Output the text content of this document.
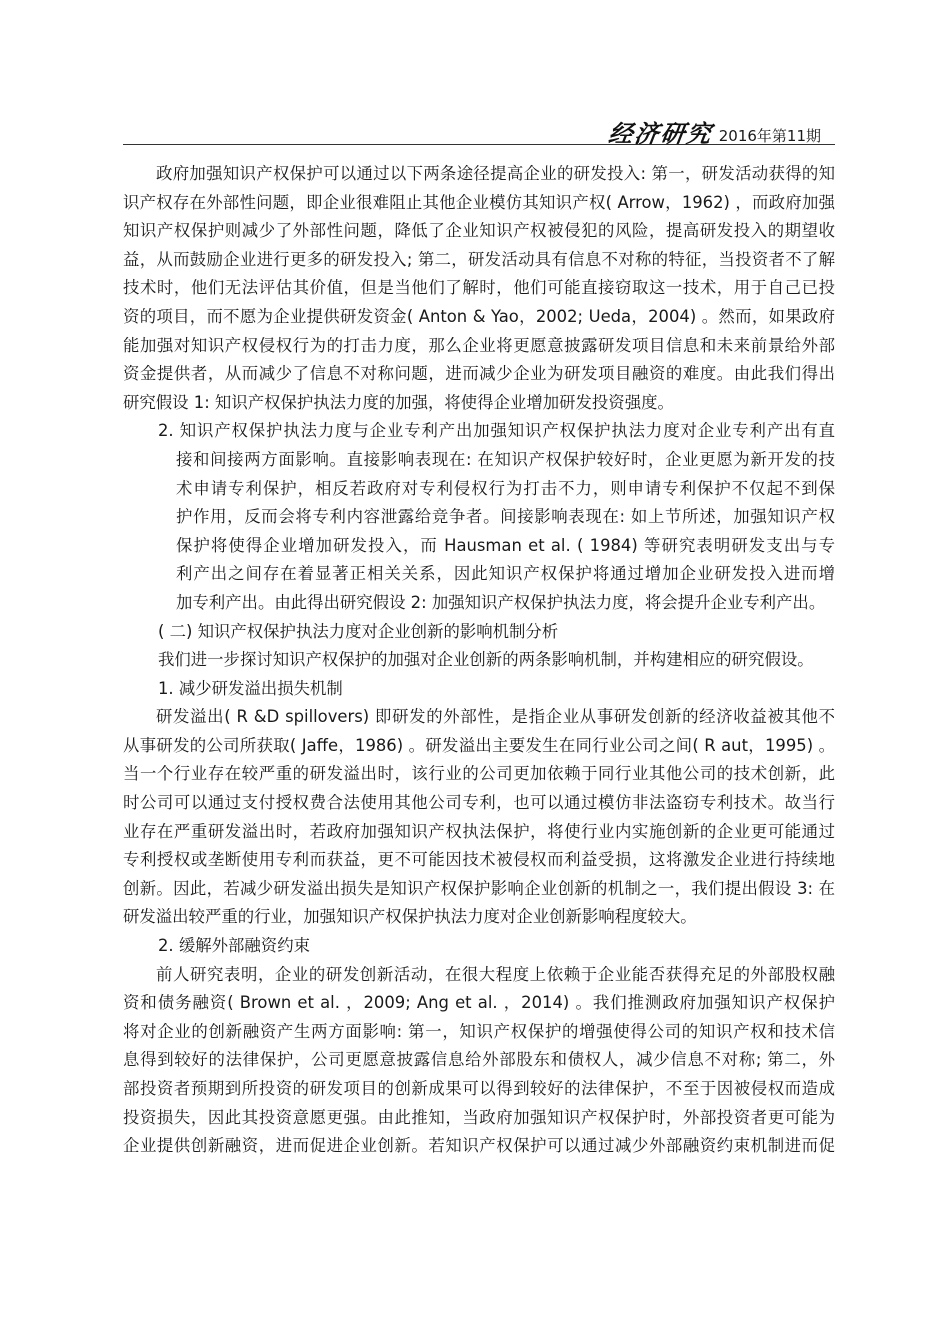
经济研究 2016年第11期
政府加强知识产权保护可以通过以下两条途径提高企业的研发投入: 第一，研发活动获得的知
识产权存在外部性问题，即企业很难阻止其他企业模仿其知识产权( Arrow，1962) ，而政府加强
知识产权保护则减少了外部性问题，降低了企业知识产权被侵犯的风险，提高研发投入的期望收
益，从而鼓励企业进行更多的研发投入; 第二，研发活动具有信息不对称的特征，当投资者不了解
技术时，他们无法评估其价值，但是当他们了解时，他们可能直接窃取这一技术，用于自己已投
资的项目，而不愿为企业提供研发资金( Anton & Yao，2002; Ueda，2004) 。然而，如果政府
能加强对知识产权侵权行为的打击力度，那么企业将更愿意披露研发项目信息和未来前景给外部
资金提供者，从而减少了信息不对称问题，进而减少企业为研发项目融资的难度。由此我们得出
研究假设 1: 知识产权保护执法力度的加强，将使得企业增加研发投资强度。
2. 知识产权保护执法力度与企业专利产出加强知识产权保护执法力度对企业专利产出有直
接和间接两方面影响。直接影响表现在: 在知识产权保护较好时，企业更愿为新开发的技
术申请专利保护，相反若政府对专利侵权行为打击不力，则申请专利保护不仅起不到保
护作用，反而会将专利内容泄露给竞争者。间接影响表现在: 如上节所述，加强知识产权
保护将使得企业增加研发投入，而 Hausman et al. ( 1984) 等研究表明研发支出与专
利产出之间存在着显著正相关关系，因此知识产权保护将通过增加企业研发投入进而增
加专利产出。由此得出研究假设 2: 加强知识产权保护执法力度，将会提升企业专利产出。
( 二) 知识产权保护执法力度对企业创新的影响机制分析
我们进一步探讨知识产权保护的加强对企业创新的两条影响机制，并构建相应的研究假设。
1. 减少研发溢出损失机制
研发溢出( R &D spillovers) 即研发的外部性，是指企业从事研发创新的经济收益被其他不
从事研发的公司所获取( Jaffe，1986) 。研发溢出主要发生在同行业公司之间( R aut，1995) 。
当一个行业存在较严重的研发溢出时，该行业的公司更加依赖于同行业其他公司的技术创新，此
时公司可以通过支付授权费合法使用其他公司专利，也可以通过模仿非法盗窃专利技术。故当行
业存在严重研发溢出时，若政府加强知识产权执法保护，将使行业内实施创新的企业更可能通过
专利授权或垄断使用专利而获益，更不可能因技术被侵权而利益受损，这将激发企业进行持续地
创新。因此，若减少研发溢出损失是知识产权保护影响企业创新的机制之一，我们提出假设 3: 在
研发溢出较严重的行业，加强知识产权保护执法力度对企业创新影响程度较大。
2. 缓解外部融资约束
前人研究表明，企业的研发创新活动，在很大程度上依赖于企业能否获得充足的外部股权融
资和债务融资( Brown et al. ，2009; Ang et al. ，2014) 。我们推测政府加强知识产权保护
将对企业的创新融资产生两方面影响: 第一，知识产权保护的增强使得公司的知识产权和技术信
息得到较好的法律保护，公司更愿意披露信息给外部股东和债权人，减少信息不对称; 第二，外
部投资者预期到所投资的研发项目的创新成果可以得到较好的法律保护，不至于因被侵权而造成
投资损失，因此其投资意愿更强。由此推知，当政府加强知识产权保护时，外部投资者更可能为
企业提供创新融资，进而促进企业创新。若知识产权保护可以通过减少外部融资约束机制进而促
